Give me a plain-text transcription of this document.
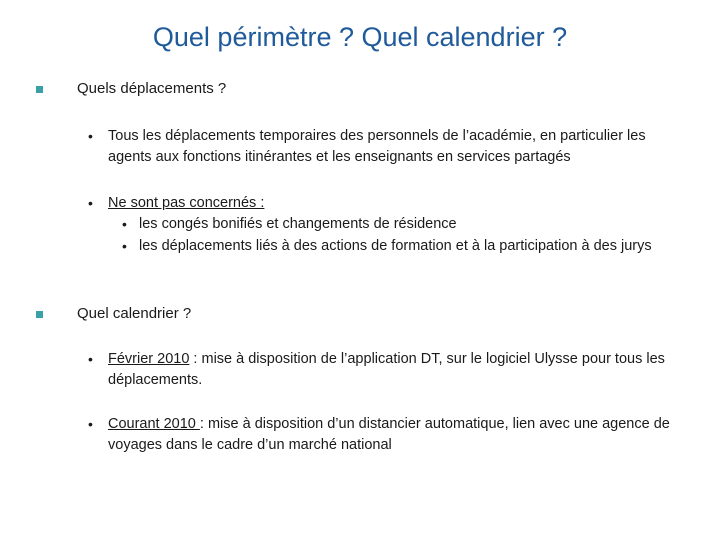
Quel périmètre ? Quel calendrier ?
Quels déplacements ?
• Tous les déplacements temporaires des personnels de l’académie, en particulier les agents aux fonctions itinérantes et les enseignants en services partagés
• Ne sont pas concernés :
• les congés bonifiés et changements de résidence
• les déplacements liés à des actions de formation et à la participation à des jurys
Quel calendrier ?
• Février 2010 : mise à disposition de l’application DT, sur le logiciel Ulysse pour tous les déplacements.
• Courant 2010 : mise à disposition d’un distancier automatique, lien avec une agence de voyages dans le cadre d’un marché national
